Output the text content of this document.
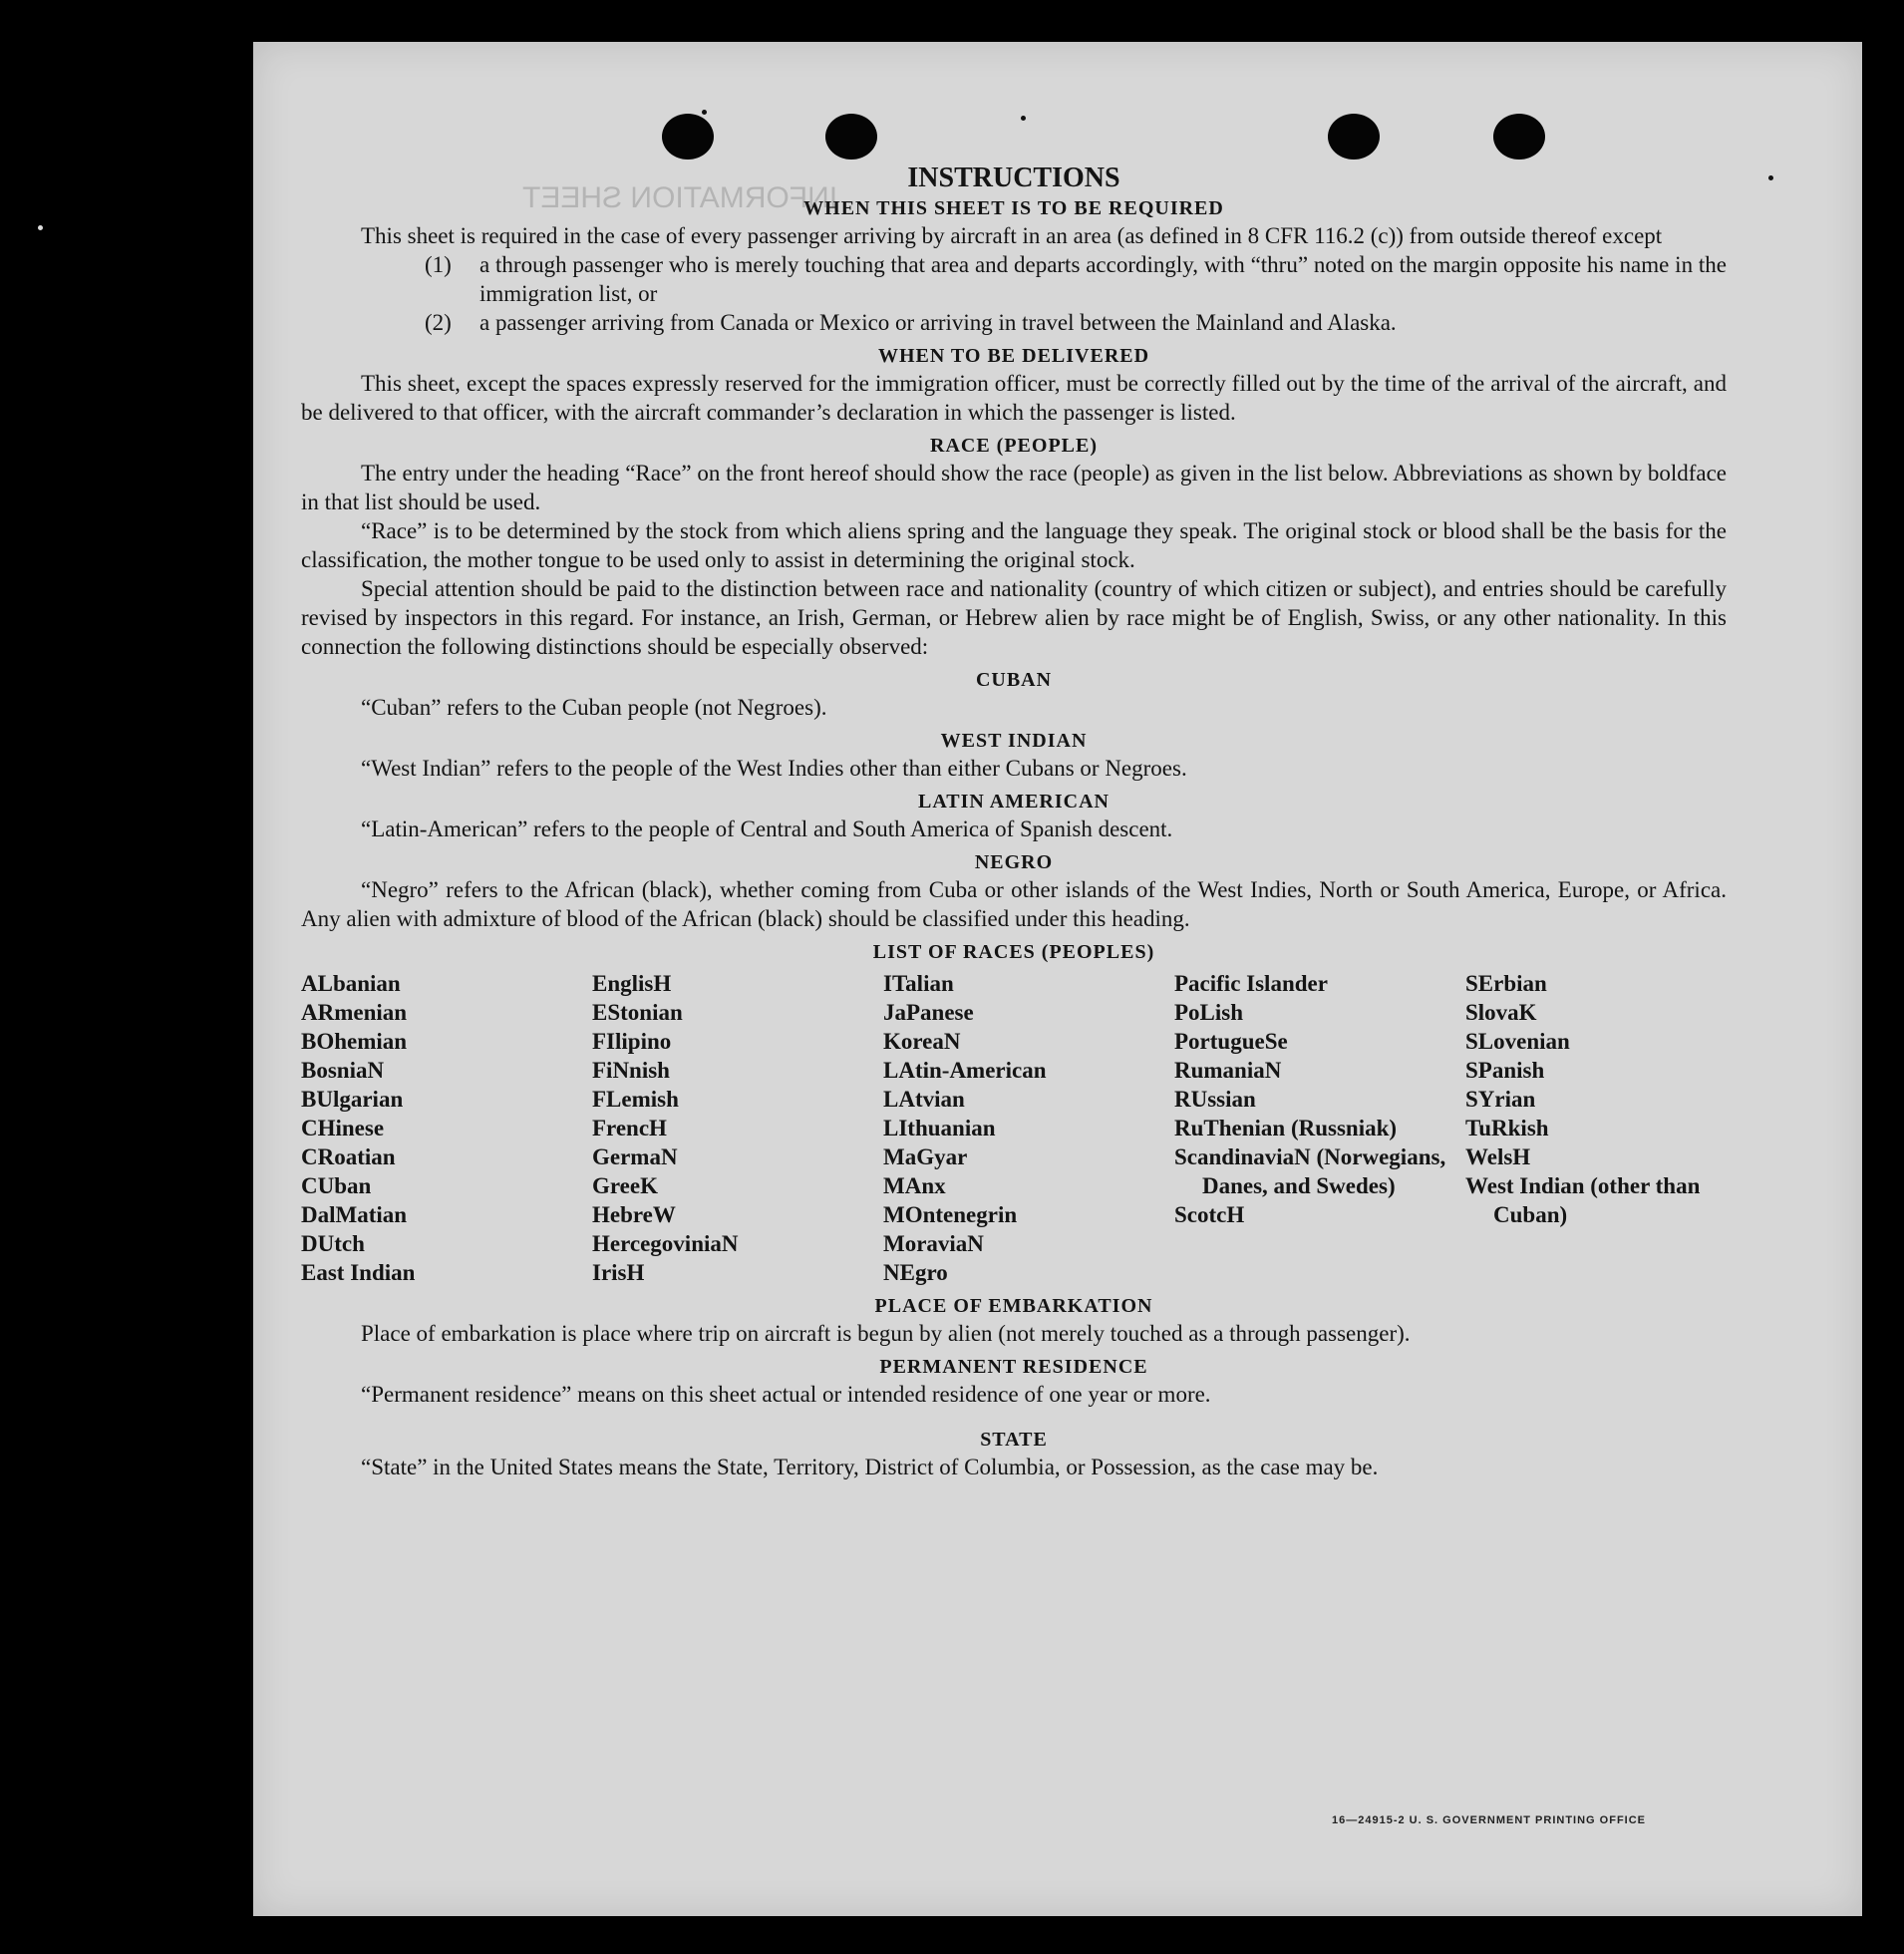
INFORMATION SHEET
INSTRUCTIONS
WHEN THIS SHEET IS TO BE REQUIRED

This sheet is required in the case of every passenger arriving by aircraft in an area (as defined in 8 CFR 116.2 (c)) from outside thereof except

(1)	a through passenger who is merely touching that area and departs accordingly, with “thru” noted on the margin opposite his name in the immigration list, or
(2)	a passenger arriving from Canada or Mexico or arriving in travel between the Mainland and Alaska.
WHEN TO BE DELIVERED

This sheet, except the spaces expressly reserved for the immigration officer, must be correctly filled out by the time of the arrival of the aircraft, and be delivered to that officer, with the aircraft commander’s declaration in which the passenger is listed.

RACE (PEOPLE)

The entry under the heading “Race” on the front hereof should show the race (people) as given in the list below. Abbreviations as shown by boldface in that list should be used.

“Race” is to be determined by the stock from which aliens spring and the language they speak. The original stock or blood shall be the basis for the classification, the mother tongue to be used only to assist in determining the original stock.

Special attention should be paid to the distinction between race and nationality (country of which citizen or subject), and entries should be carefully revised by inspectors in this regard. For instance, an Irish, German, or Hebrew alien by race might be of English, Swiss, or any other nationality. In this connection the following distinctions should be especially observed:

CUBAN

“Cuban” refers to the Cuban people (not Negroes).

WEST INDIAN

“West Indian” refers to the people of the West Indies other than either Cubans or Negroes.

LATIN AMERICAN

“Latin-American” refers to the people of Central and South America of Spanish descent.

NEGRO

“Negro” refers to the African (black), whether coming from Cuba or other islands of the West Indies, North or South America, Europe, or Africa. Any alien with admixture of blood of the African (black) should be classified under this heading.

LIST OF RACES (PEOPLES)
ALbanian
ARmenian
BOhemian
BosniaN
BUlgarian
CHinese
CRoatian
CUban
DalMatian
DUtch
East Indian
EnglisH
EStonian
FIlipino
FiNnish
FLemish
FrencH
GermaN
GreeK
HebreW
HercegoviniaN
IrisH
ITalian
JaPanese
KoreaN
LAtin-American
LAtvian
LIthuanian
MaGyar
MAnx
MOntenegrin
MoraviaN
NEgro
Pacific Islander
PoLish
PortugueSe
RumaniaN
RUssian
RuThenian (Russniak)
ScandinaviaN (Norwegians, Danes, and Swedes)
ScotcH
SErbian
SlovaK
SLovenian
SPanish
SYrian
TuRkish
WelsH
West Indian (other than Cuban)
PLACE OF EMBARKATION

Place of embarkation is place where trip on aircraft is begun by alien (not merely touched as a through passenger).

PERMANENT RESIDENCE

“Permanent residence” means on this sheet actual or intended residence of one year or more.

STATE

“State” in the United States means the State, Territory, District of Columbia, or Possession, as the case may be.

16—24915-2 U. S. GOVERNMENT PRINTING OFFICE
